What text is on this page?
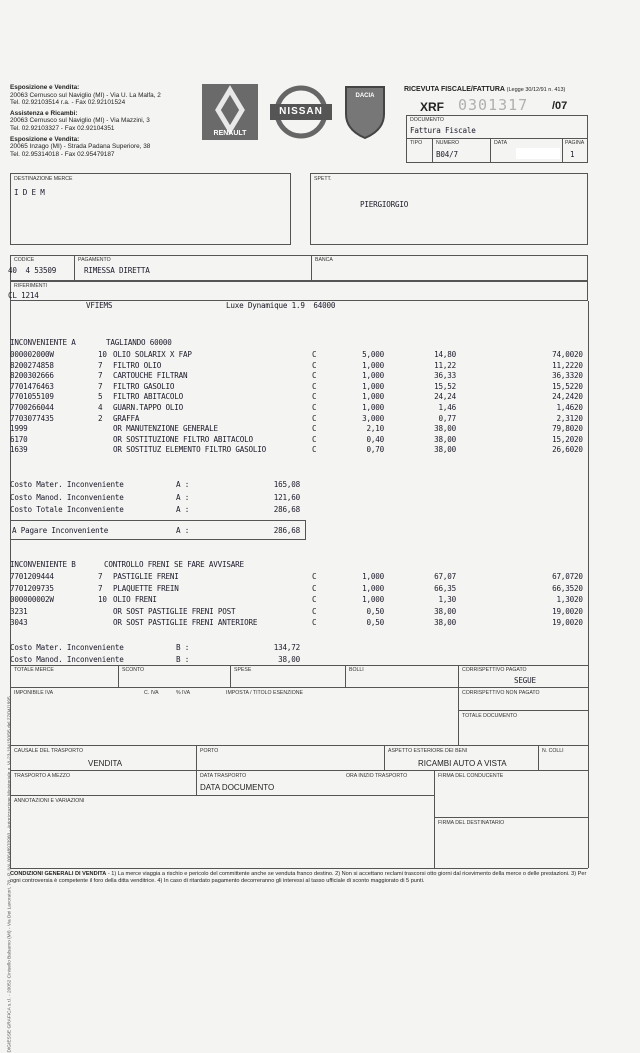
Esposizione e Vendita:
20063 Cernusco sul Naviglio (MI) - Via U. La Malfa, 2
Tel. 02.92103514 r.a. - Fax 02.92101524
Assistenza e Ricambi:
20063 Cernusco sul Naviglio (MI) - Via Mazzini, 3
Tel. 02.92103327 - Fax 02.92104351
Esposizione e Vendita:
20065 Inzago (MI) - Strada Padana Superiore, 38
Tel. 02.95314018 - Fax 02.95479187
RENAULT
NISSAN
DACIA
RICEVUTA FISCALE/FATTURA (Legge 30/12/91 n. 413)
XRF 0301317 /07
DOCUMENTO
Fattura Fiscale
TIPO	NUMERO
B04/7
DATA	PAGINA
1
DESTINAZIONE MERCE
I D E M
SPETT.
PIERGIORGIO
CODICE
40  4 53509
PAGAMENTO
RIMESSA DIRETTA
BANCA
RIFERIMENTI
CL 1214
VFIEMS	Luxe Dynamique 1.9  64000
INCONVENIENTE A	TAGLIANDO 60000
000002000W	10 OLIO SOLARIX X FAP	C	5,000	14,80	74,00 20
8200274858	7 FILTRO OLIO	C	1,000	11,22	11,22 20
8200302666	7 CARTOUCHE FILTRAN	C	1,000	36,33	36,33 20
7701476463	7 FILTRO GASOLIO	C	1,000	15,52	15,52 20
7701055109	5 FILTRO ABITACOLO	C	1,000	24,24	24,24 20
7700266044	4 GUARN.TAPPO OLIO	C	1,000	1,46	1,46 20
7703077435	2 GRAFFA	C	3,000	0,77	2,31 20
1999	OR MANUTENZIONE GENERALE	C	2,10	38,00	79,80 20
6170	OR SOSTITUZIONE FILTRO ABITACOLO	C	0,40	38,00	15,20 20
1639	OR SOSTITUZ ELEMENTO FILTRO GASOLIO	C	0,70	38,00	26,60 20
Costo Mater. Inconveniente	A :	165,08
Costo Manod. Inconveniente	A :	121,60
Costo Totale Inconveniente	A :	286,68
A Pagare Inconveniente	A :	286,68
INCONVENIENTE B	CONTROLLO FRENI SE FARE AVVISARE
7701209444	7 PASTIGLIE FRENI	C	1,000	67,07	67,07 20
7701209735	7 PLAQUETTE FREIN	C	1,000	66,35	66,35 20
000000002W	10 OLIO FRENI	C	1,000	1,30	1,30 20
3231	OR SOST PASTIGLIE FRENI POST	C	0,50	38,00	19,00 20
3043	OR SOST PASTIGLIE FRENI ANTERIORE	C	0,50	38,00	19,00 20
Costo Mater. Inconveniente	B :	134,72
Costo Manod. Inconveniente	B :	38,00
TOTALE MERCE	SCONTO	SPESE	BOLLI	CORRISPETTIVO PAGATO
SEGUE
IMPONIBILE IVA	C. IVA	% IVA	IMPOSTA / TITOLO ESENZIONE	CORRISPETTIVO NON PAGATO
TOTALE DOCUMENTO
CAUSALE DEL TRASPORTO
VENDITA
PORTO	ASPETTO ESTERIORE DEI BENI
RICAMBI AUTO A VISTA
N. COLLI
TRASPORTO A MEZZO	DATA TRASPORTO
DATA DOCUMENTO
ORA INIZIO TRASPORTO	FIRMA DEL CONDUCENTE
ANNOTAZIONI E VARIAZIONI
FIRMA DEL DESTINATARIO
CONDIZIONI GENERALI DI VENDITA - 1) La merce viaggia a rischio e pericolo del committente anche se venduta franco destino. 2) Non si accettano reclami trascorsi otto giorni dal ricevimento della merce o delle prestazioni. 3) Per ogni controversia è competente il foro della ditta venditrice. 4) In caso di ritardato pagamento decorreranno gli interessi al tasso ufficiale di sconto maggiorato di 5 punti.
DIGIESSE GRAFICA s.r.l. - 20052 Cinisello Balsamo (MI) - Via Dei Lavoratori, 78 - P. IVA 00648970960 - Autorizzazione Ministeriale n. VI-23-104150/95 del 27/04/1995
